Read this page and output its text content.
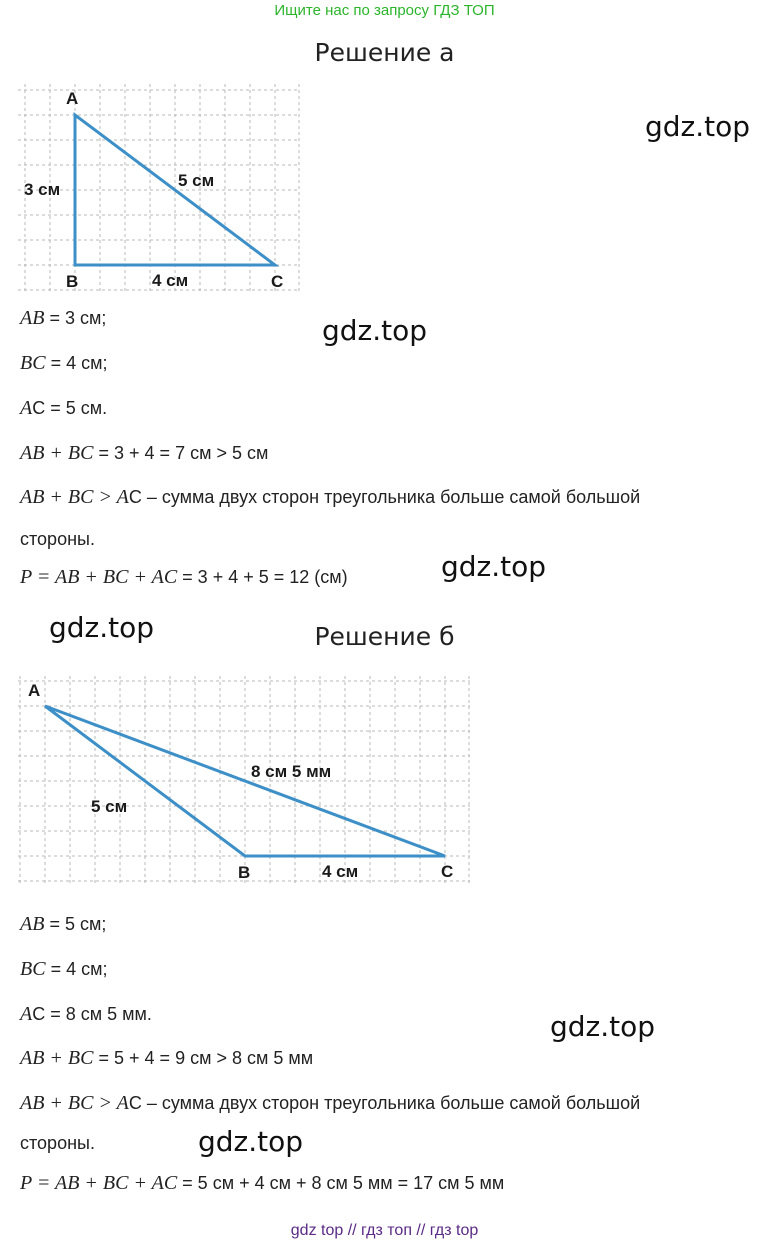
Ищите нас по запросу ГДЗ ТОП
Решение а
gdz.top
A
B	C
3 см
4 см
5 см
AB = 3 см;	gdz.top
BC = 4 см;
AС = 5 см.
AB + BC = 3 + 4 = 7 см > 5 см
AB + BC > AС – сумма двух сторон треугольника больше самой большой
стороны.
P = AB + BC + AC = 3 + 4 + 5 = 12 (см)	gdz.top
gdz.top	Решение б
A
B	C
5 см
4 см
8 см 5 мм
AB = 5 см;
BC = 4 см;
AС = 8 см 5 мм.	gdz.top
AB + BC = 5 + 4 = 9 см > 8 см 5 мм
AB + BC > AС – сумма двух сторон треугольника больше самой большой
стороны.	gdz.top
P = AB + BC + AC = 5 см + 4 см + 8 см 5 мм = 17 см 5 мм
gdz top // гдз топ // гдз top
